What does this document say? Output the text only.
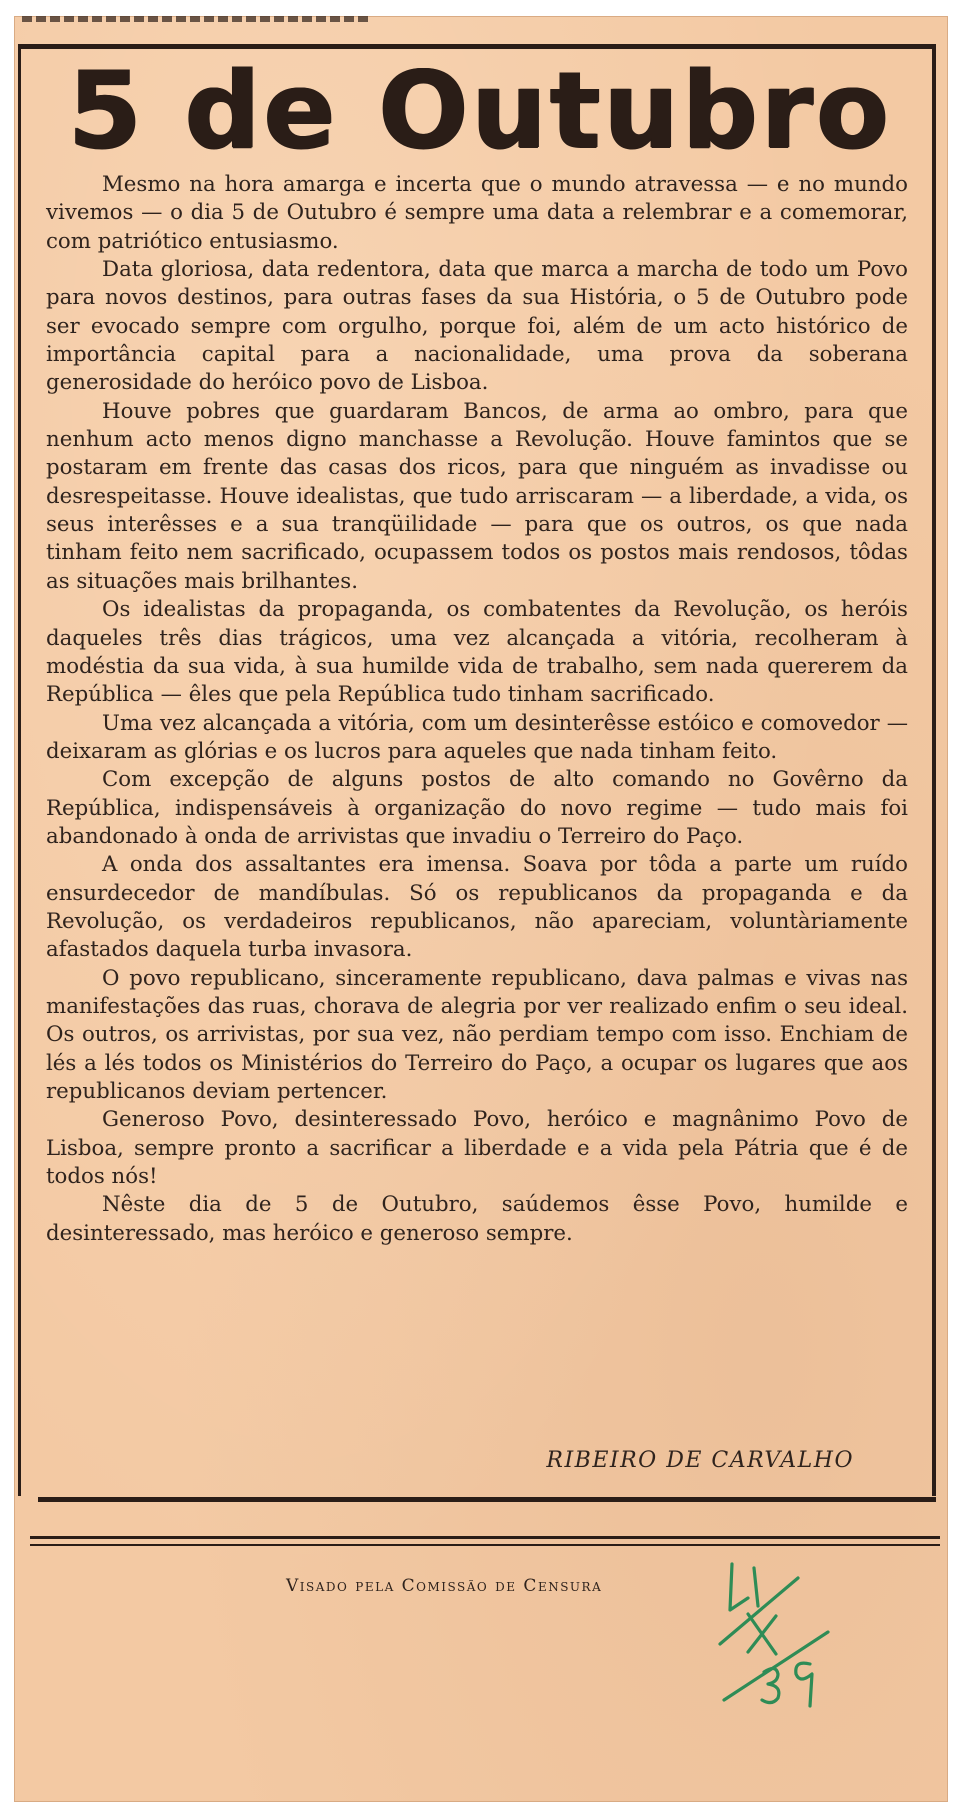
5 de Outubro

Mesmo na hora amarga e incerta que o mundo atravessa — e no mundo vivemos — o dia 5 de Outubro é sempre uma data a relembrar e a comemorar, com patriótico entusiasmo.

Data gloriosa, data redentora, data que marca a marcha de todo um Povo para novos destinos, para outras fases da sua História, o 5 de Outubro pode ser evocado sempre com orgulho, porque foi, além de um acto histórico de importância capital para a nacionalidade, uma prova da soberana generosidade do heróico povo de Lisboa.

Houve pobres que guardaram Bancos, de arma ao ombro, para que nenhum acto menos digno manchasse a Revolução. Houve famintos que se postaram em frente das casas dos ricos, para que ninguém as invadisse ou desrespeitasse. Houve idealistas, que tudo arriscaram — a liberdade, a vida, os seus interêsses e a sua tranqüilidade — para que os outros, os que nada tinham feito nem sacrificado, ocupassem todos os postos mais rendosos, tôdas as situações mais brilhantes.

Os idealistas da propaganda, os combatentes da Revolução, os heróis daqueles três dias trágicos, uma vez alcançada a vitória, recolheram à modéstia da sua vida, à sua humilde vida de trabalho, sem nada quererem da República — êles que pela República tudo tinham sacrificado.

Uma vez alcançada a vitória, com um desinterêsse estóico e comovedor — deixaram as glórias e os lucros para aqueles que nada tinham feito.

Com excepção de alguns postos de alto comando no Govêrno da República, indispensáveis à organização do novo regime — tudo mais foi abandonado à onda de arrivistas que invadiu o Terreiro do Paço.

A onda dos assaltantes era imensa. Soava por tôda a parte um ruído ensurdecedor de mandíbulas. Só os republicanos da propaganda e da Revolução, os verdadeiros republicanos, não apareciam, voluntàriamente afastados daquela turba invasora.

O povo republicano, sinceramente republicano, dava palmas e vivas nas manifestações das ruas, chorava de alegria por ver realizado enfim o seu ideal. Os outros, os arrivistas, por sua vez, não perdiam tempo com isso. Enchiam de lés a lés todos os Ministérios do Terreiro do Paço, a ocupar os lugares que aos republicanos deviam pertencer.

Generoso Povo, desinteressado Povo, heróico e magnânimo Povo de Lisboa, sempre pronto a sacrificar a liberdade e a vida pela Pátria que é de todos nós!

Nêste dia de 5 de Outubro, saúdemos êsse Povo, humilde e desinteressado, mas heróico e generoso sempre.

RIBEIRO DE CARVALHO

Visado pela Comissão de Censura
